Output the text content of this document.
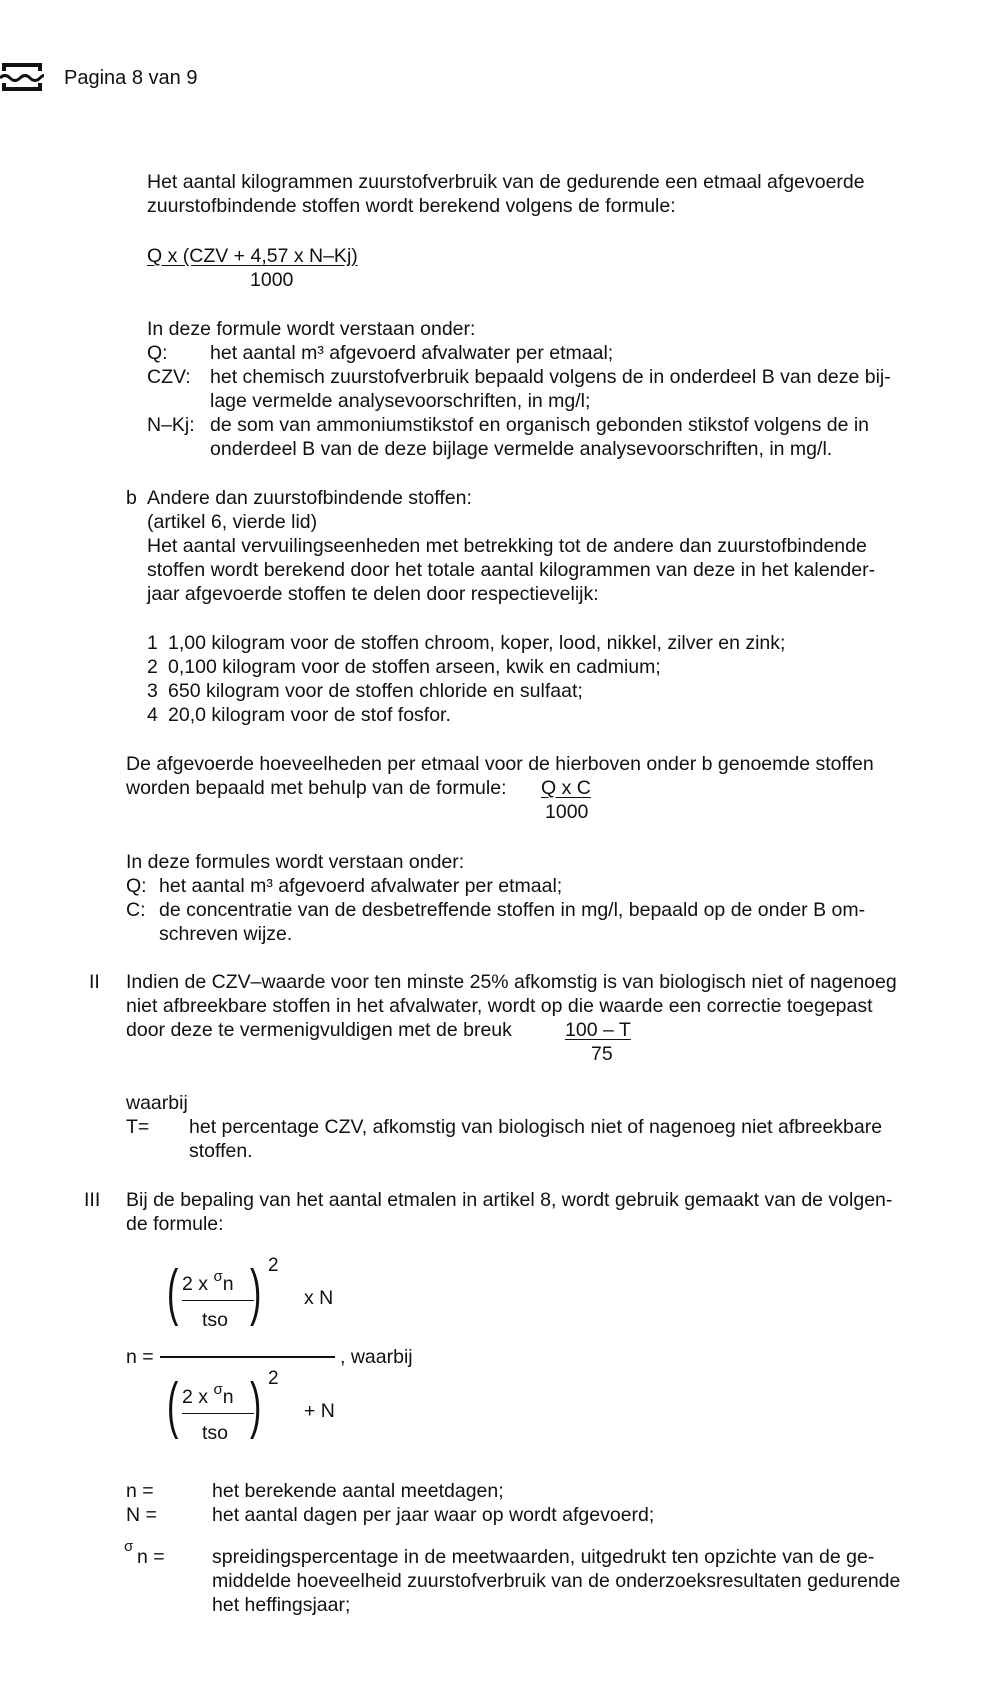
Pagina 8 van 9
Het aantal kilogrammen zuurstofverbruik van de gedurende een etmaal afgevoerde
zuurstofbindende stoffen wordt berekend volgens de formule:
Q x (CZV + 4,57 x N–Kj)
1000
In deze formule wordt verstaan onder:
Q: het aantal m³ afgevoerd afvalwater per etmaal;
CZV: het chemisch zuurstofverbruik bepaald volgens de in onderdeel B van deze bij-
lage vermelde analysevoorschriften, in mg/l;
N–Kj: de som van ammoniumstikstof en organisch gebonden stikstof volgens de in
onderdeel B van de deze bijlage vermelde analysevoorschriften, in mg/l.
b Andere dan zuurstofbindende stoffen:
(artikel 6, vierde lid)
Het aantal vervuilingseenheden met betrekking tot de andere dan zuurstofbindende
stoffen wordt berekend door het totale aantal kilogrammen van deze in het kalender-
jaar afgevoerde stoffen te delen door respectievelijk:
1 1,00 kilogram voor de stoffen chroom, koper, lood, nikkel, zilver en zink;
2 0,100 kilogram voor de stoffen arseen, kwik en cadmium;
3 650 kilogram voor de stoffen chloride en sulfaat;
4 20,0 kilogram voor de stof fosfor.
De afgevoerde hoeveelheden per etmaal voor de hierboven onder b genoemde stoffen
worden bepaald met behulp van de formule: Q x C
1000
In deze formules wordt verstaan onder:
Q: het aantal m³ afgevoerd afvalwater per etmaal;
C: de concentratie van de desbetreffende stoffen in mg/l, bepaald op de onder B om-
schreven wijze.
II Indien de CZV–waarde voor ten minste 25% afkomstig is van biologisch niet of nagenoeg
niet afbreekbare stoffen in het afvalwater, wordt op die waarde een correctie toegepast
door deze te vermenigvuldigen met de breuk	100 – T
75
waarbij
T= het percentage CZV, afkomstig van biologisch niet of nagenoeg niet afbreekbare
stoffen.
III Bij de bepaling van het aantal etmalen in artikel 8, wordt gebruik gemaakt van de volgen-
de formule:
n =	, waarbij
( 2 x $^\sigma$n
tso ) 2
x N
( 2 x $^\sigma$n
tso ) 2
+ N
n =	het berekende aantal meetdagen;
N =	het aantal dagen per jaar waar op wordt afgevoerd;
σ n = spreidingspercentage in de meetwaarden, uitgedrukt ten opzichte van de ge-
middelde hoeveelheid zuurstofverbruik van de onderzoeksresultaten gedurende
het heffingsjaar;
